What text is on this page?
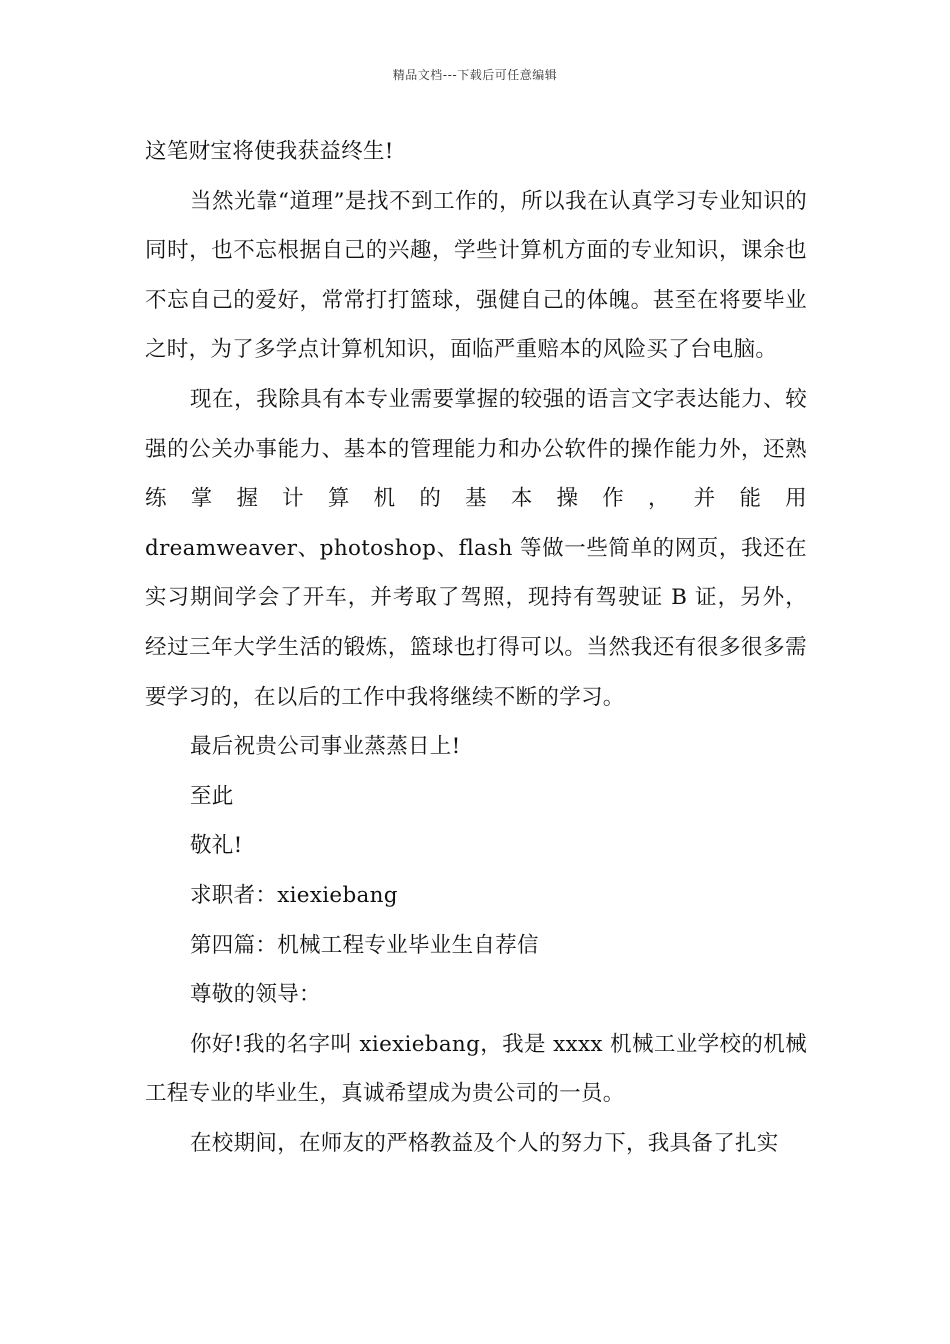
精品文档---下载后可任意编辑

这笔财宝将使我获益终生!

当然光靠“道理”是找不到工作的，所以我在认真学习专业知识的同时，也不忘根据自己的兴趣，学些计算机方面的专业知识，课余也不忘自己的爱好，常常打打篮球，强健自己的体魄。甚至在将要毕业之时，为了多学点计算机知识，面临严重赔本的风险买了台电脑。

现在，我除具有本专业需要掌握的较强的语言文字表达能力、较强的公关办事能力、基本的管理能力和办公软件的操作能力外，还熟练掌握计算机的基本操作，并能用

dreamweaver、photoshop、flash 等做一些简单的网页，我还在实习期间学会了开车，并考取了驾照，现持有驾驶证 B 证，另外，经过三年大学生活的锻炼，篮球也打得可以。当然我还有很多很多需要学习的，在以后的工作中我将继续不断的学习。

最后祝贵公司事业蒸蒸日上!

至此

敬礼!

求职者：xiexiebang

第四篇：机械工程专业毕业生自荐信

尊敬的领导：

你好!我的名字叫 xiexiebang，我是 xxxx 机械工业学校的机械工程专业的毕业生，真诚希望成为贵公司的一员。

在校期间，在师友的严格教益及个人的努力下，我具备了扎实
